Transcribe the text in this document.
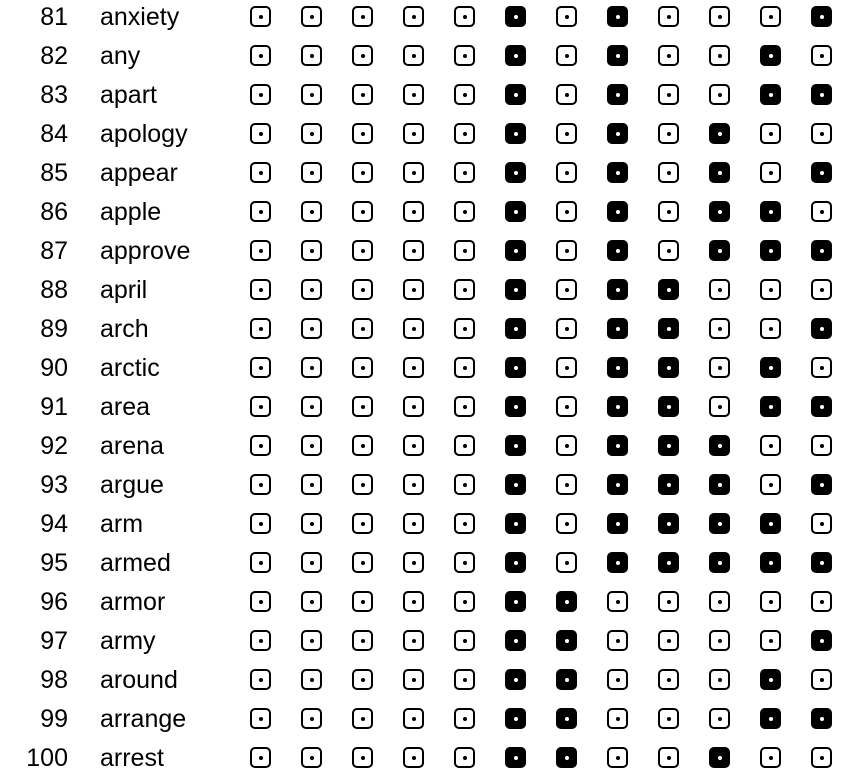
81 anxiety
82 any
83 apart
84 apology
85 appear
86 apple
87 approve
88 april
89 arch
90 arctic
91 area
92 arena
93 argue
94 arm
95 armed
96 armor
97 army
98 around
99 arrange
100 arrest
